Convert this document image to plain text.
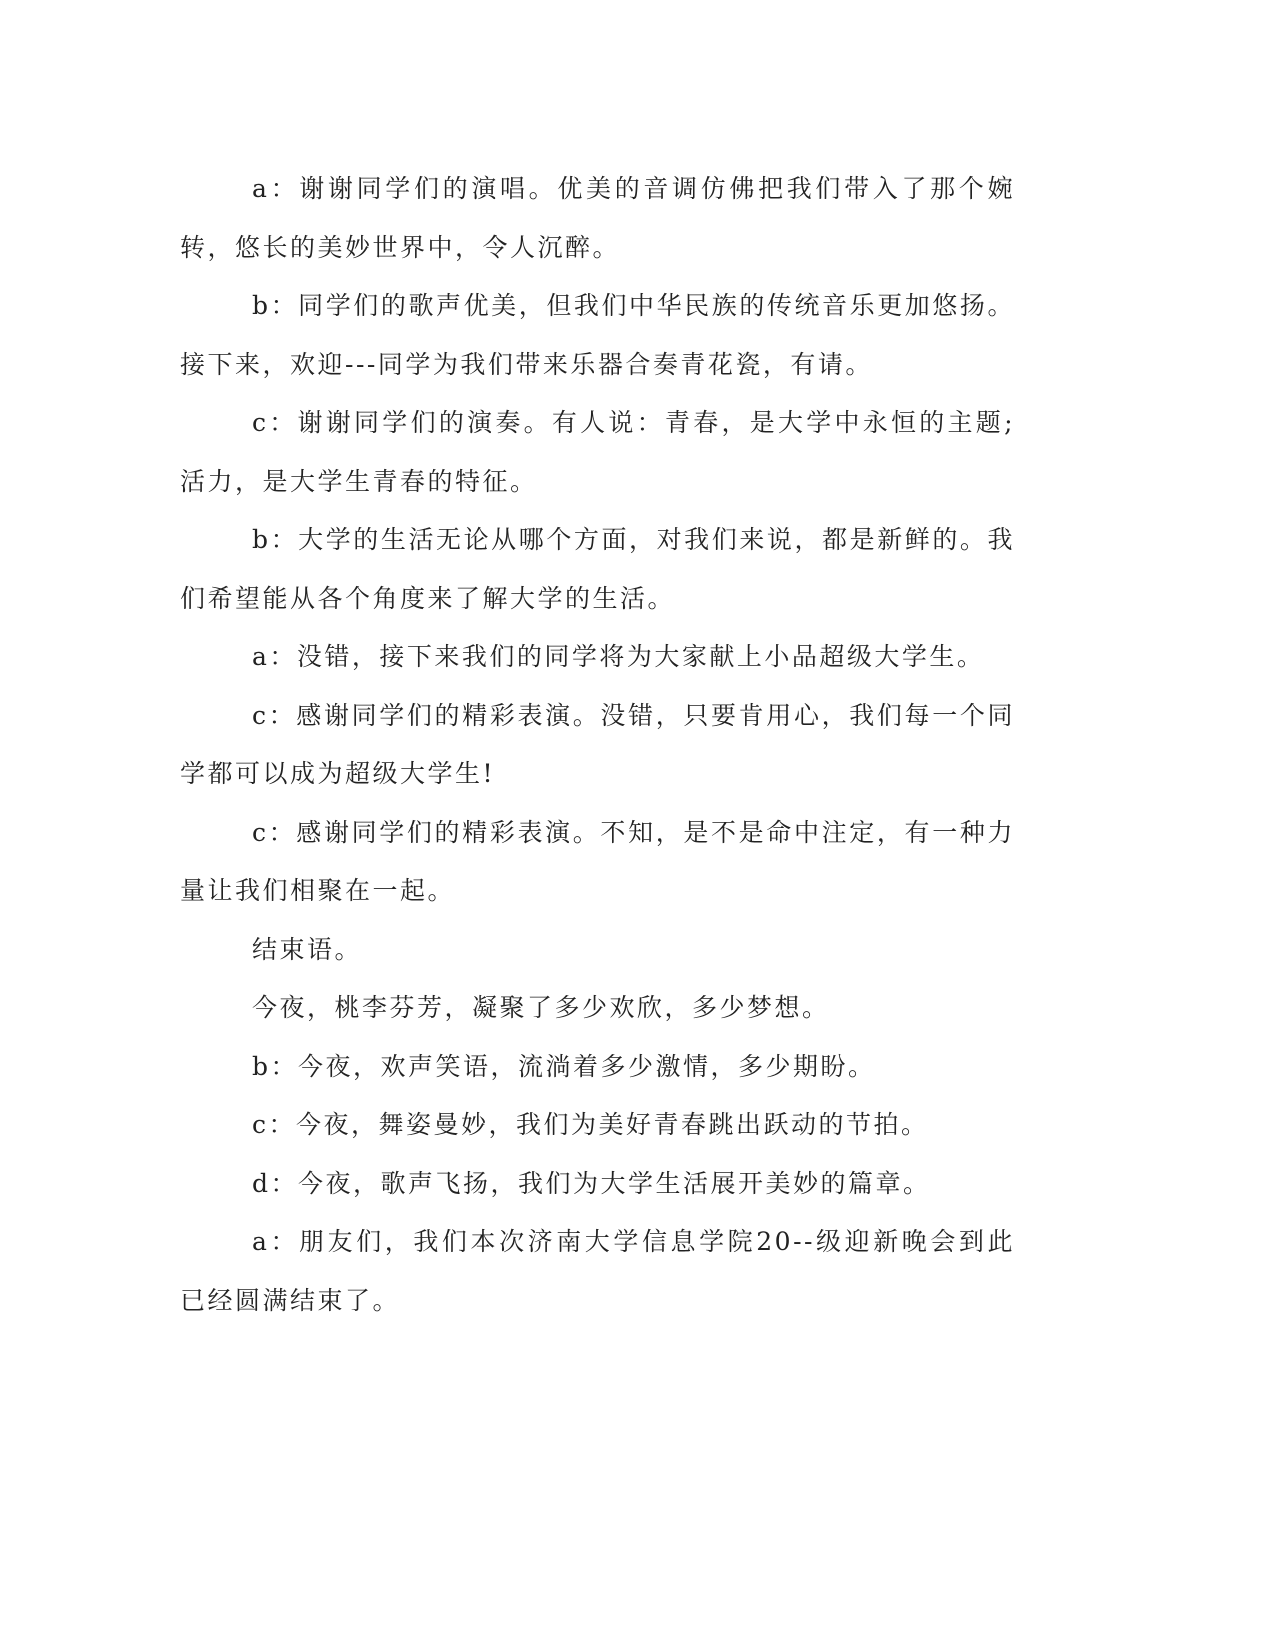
a：谢谢同学们的演唱。优美的音调仿佛把我们带入了那个婉转，悠长的美妙世界中，令人沉醉。

b：同学们的歌声优美，但我们中华民族的传统音乐更加悠扬。接下来，欢迎---同学为我们带来乐器合奏青花瓷，有请。

c：谢谢同学们的演奏。有人说：青春，是大学中永恒的主题;活力，是大学生青春的特征。

b：大学的生活无论从哪个方面，对我们来说，都是新鲜的。我们希望能从各个角度来了解大学的生活。

a：没错，接下来我们的同学将为大家献上小品超级大学生。

c：感谢同学们的精彩表演。没错，只要肯用心，我们每一个同学都可以成为超级大学生!

c：感谢同学们的精彩表演。不知，是不是命中注定，有一种力量让我们相聚在一起。

结束语。

今夜，桃李芬芳，凝聚了多少欢欣，多少梦想。

b：今夜，欢声笑语，流淌着多少激情，多少期盼。

c：今夜，舞姿曼妙，我们为美好青春跳出跃动的节拍。

d：今夜，歌声飞扬，我们为大学生活展开美妙的篇章。

a：朋友们，我们本次济南大学信息学院20--级迎新晚会到此已经圆满结束了。
